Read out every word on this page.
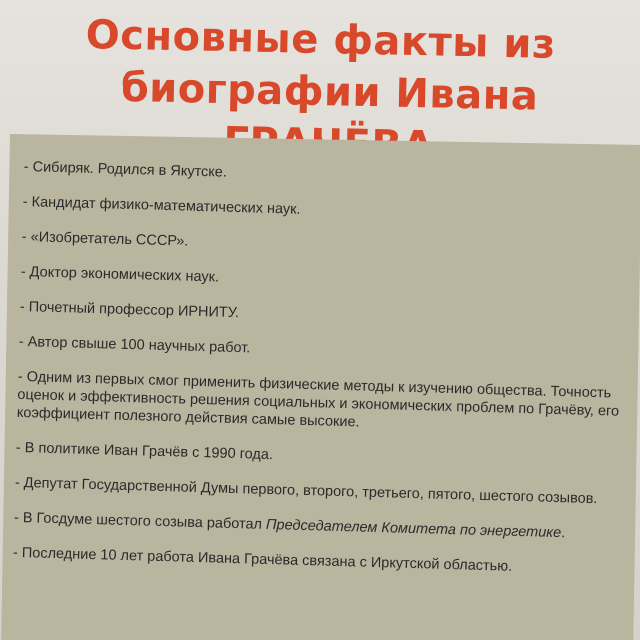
Основные факты из
биографии Ивана

- Сибиряк. Родился в Якутске.

- Кандидат физико-математических наук.

- «Изобретатель СССР».

- Доктор экономических наук.

- Почетный профессор ИРНИТУ.

- Автор свыше 100 научных работ.

- Одним из первых смог применить физические методы к изучению общества. Точность оценок и эффективность решения социальных и экономических проблем по Грачёву, его коэффициент полезного действия самые высокие.

- В политике Иван Грачёв с 1990 года.

- Депутат Государственной Думы первого, второго, третьего, пятого, шестого созывов.

- В Госдуме шестого созыва работал Председателем Комитета по энергетике.

- Последние 10 лет работа Ивана Грачёва связана с Иркутской областью.
